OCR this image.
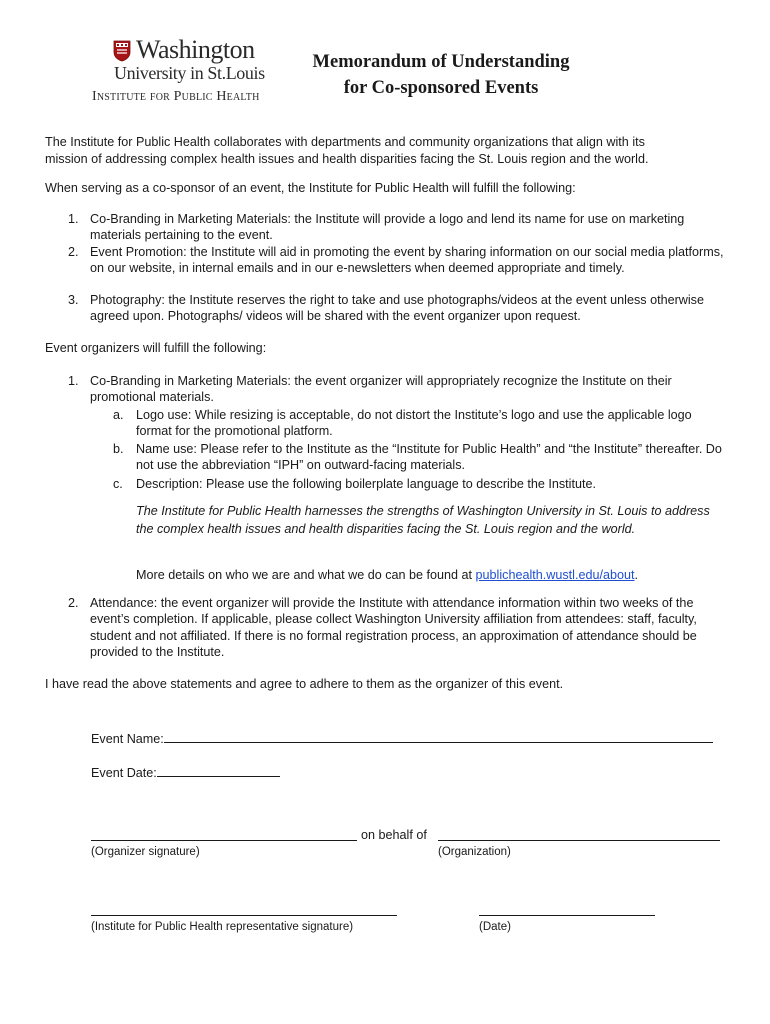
Washington
University in St.Louis
Institute for Public Health
Memorandum of Understanding
for Co-sponsored Events
The Institute for Public Health collaborates with departments and community organizations that align with its
mission of addressing complex health issues and health disparities facing the St. Louis region and the world.
When serving as a co-sponsor of an event, the Institute for Public Health will fulfill the following:
1. Co-Branding in Marketing Materials: the Institute will provide a logo and lend its name for use on marketing materials pertaining to the event.
2. Event Promotion: the Institute will aid in promoting the event by sharing information on our social media platforms, on our website, in internal emails and in our e-newsletters when deemed appropriate and timely.
3. Photography: the Institute reserves the right to take and use photographs/videos at the event unless otherwise agreed upon. Photographs/ videos will be shared with the event organizer upon request.
Event organizers will fulfill the following:
1. Co-Branding in Marketing Materials: the event organizer will appropriately recognize the Institute on their promotional materials.
a. Logo use: While resizing is acceptable, do not distort the Institute’s logo and use the applicable logo format for the promotional platform.
b. Name use: Please refer to the Institute as the “Institute for Public Health” and “the Institute” thereafter. Do not use the abbreviation “IPH” on outward-facing materials.
c. Description: Please use the following boilerplate language to describe the Institute.
The Institute for Public Health harnesses the strengths of Washington University in St. Louis to address the complex health issues and health disparities facing the St. Louis region and the world.
More details on who we are and what we do can be found at publichealth.wustl.edu/about.
2. Attendance: the event organizer will provide the Institute with attendance information within two weeks of the event’s completion. If applicable, please collect Washington University affiliation from attendees: staff, faculty, student and not affiliated. If there is no formal registration process, an approximation of attendance should be provided to the Institute.
I have read the above statements and agree to adhere to them as the organizer of this event.
Event Name:
Event Date:
on behalf of
(Organizer signature)	(Organization)
(Institute for Public Health representative signature)	(Date)
